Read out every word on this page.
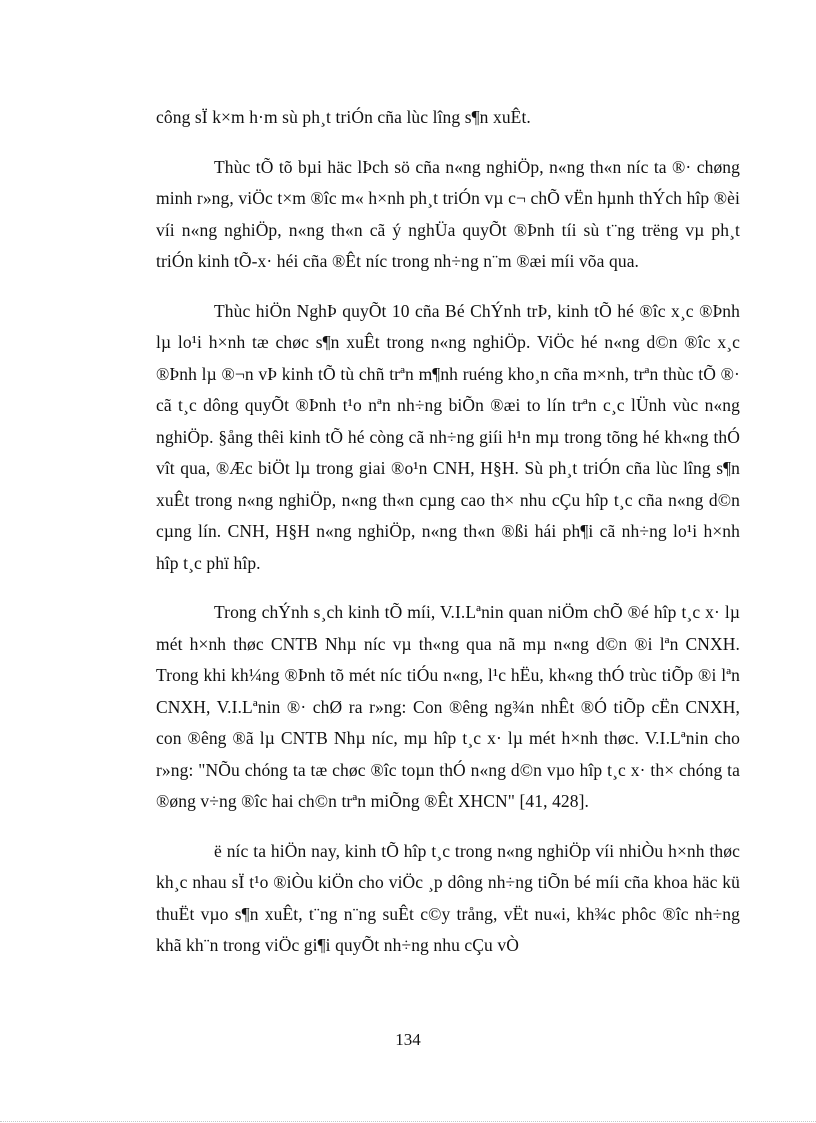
công sÏ k×m h·m sù ph¸t triÓn cña lùc lîng s¶n xuÊt.

Thùc tÕ tõ bµi häc lÞch sö cña n«ng nghiÖp, n«ng th«n níc ta ®· chøng minh r»ng, viÖc t×m ®îc m« h×nh ph¸t triÓn vµ c¬ chÕ vËn hµnh thÝch hîp ®èi víi n«ng nghiÖp, n«ng th«n cã ý nghÜa quyÕt ®Þnh tíi sù t¨ng trëng vµ ph¸t triÓn kinh tÕ-x· héi cña ®Êt níc trong nh÷ng n¨m ®æi míi võa qua.

Thùc hiÖn NghÞ quyÕt 10 cña Bé ChÝnh trÞ, kinh tÕ hé ®îc x¸c ®Þnh lµ lo¹i h×nh tæ chøc s¶n xuÊt trong n«ng nghiÖp. ViÖc hé n«ng d©n ®îc x¸c ®Þnh lµ ®¬n vÞ kinh tÕ tù chñ trªn m¶nh ruéng kho¸n cña m×nh, trªn thùc tÕ ®· cã t¸c dông quyÕt ®Þnh t¹o nªn nh÷ng biÕn ®æi to lín trªn c¸c lÜnh vùc n«ng nghiÖp. §ång thêi kinh tÕ hé còng cã nh÷ng giíi h¹n mµ trong tõng hé kh«ng thÓ vît qua, ®Æc biÖt lµ trong giai ®o¹n CNH, H§H. Sù ph¸t triÓn cña lùc lîng s¶n xuÊt trong n«ng nghiÖp, n«ng th«n cµng cao th× nhu cÇu hîp t¸c cña n«ng d©n cµng lín. CNH, H§H n«ng nghiÖp, n«ng th«n ®ßi hái ph¶i cã nh÷ng lo¹i h×nh hîp t¸c phï hîp.

Trong chÝnh s¸ch kinh tÕ míi, V.I.Lªnin quan niÖm chÕ ®é hîp t¸c x· lµ mét h×nh thøc CNTB Nhµ níc vµ th«ng qua nã mµ n«ng d©n ®i lªn CNXH. Trong khi kh¼ng ®Þnh tõ mét níc tiÓu n«ng, l¹c hËu, kh«ng thÓ trùc tiÕp ®i lªn CNXH, V.I.Lªnin ®· chØ ra r»ng: Con ®êng ng¾n nhÊt ®Ó tiÕp cËn CNXH, con ®êng ®ã lµ CNTB Nhµ níc, mµ hîp t¸c x· lµ mét h×nh thøc. V.I.Lªnin cho r»ng: "NÕu chóng ta tæ chøc ®îc toµn thÓ n«ng d©n vµo hîp t¸c x· th× chóng ta ®øng v÷ng ®îc hai ch©n trªn miÕng ®Êt XHCN" [41, 428].

ë níc ta hiÖn nay, kinh tÕ hîp t¸c trong n«ng nghiÖp víi nhiÒu h×nh thøc kh¸c nhau sÏ t¹o ®iÒu kiÖn cho viÖc ¸p dông nh÷ng tiÕn bé míi cña khoa häc kü thuËt vµo s¶n xuÊt, t¨ng n¨ng suÊt c©y trång, vËt nu«i, kh¾c phôc ®îc nh÷ng khã kh¨n trong viÖc gi¶i quyÕt nh÷ng nhu cÇu vÒ

134
